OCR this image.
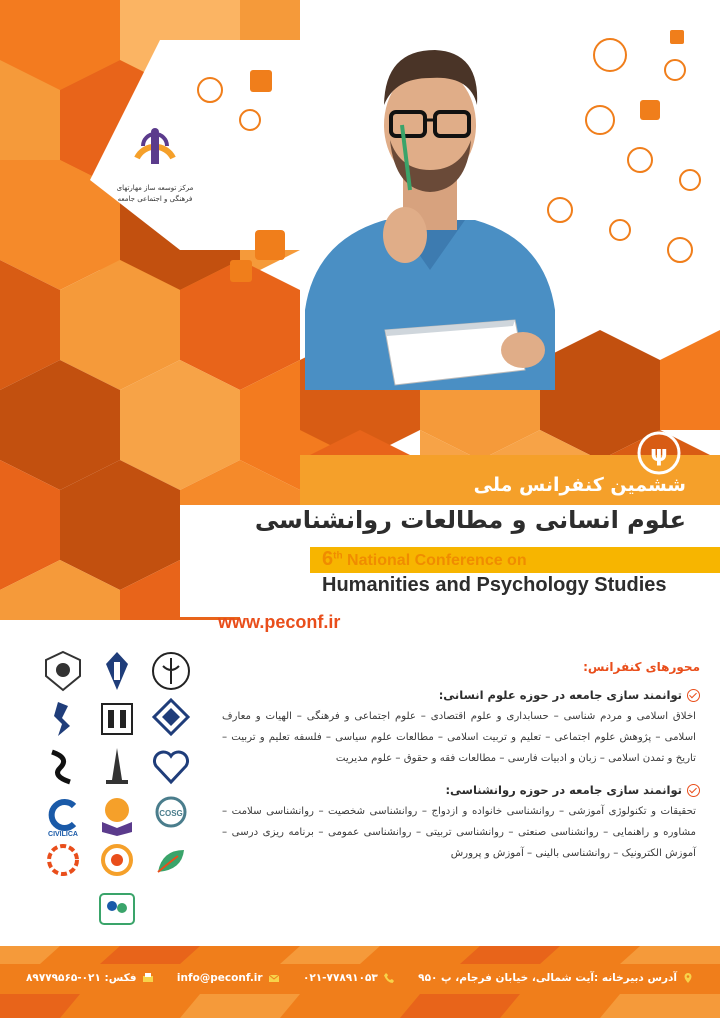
مرکز توسعه ساز مهارتهای
فرهنگی و اجتماعی جامعه
ψ
ششمین کنفرانس ملی
علوم انسانی و مطالعات روانشناسی
6th National Conference on
Humanities and Psychology Studies
www.peconf.ir
CIVILICA
COSG
محورهای کنفرانس:
توانمند سازی جامعه در حوزه علوم انسانی:
اخلاق اسلامی و مردم شناسی – حسابداری و علوم اقتصادی – علوم اجتماعی و فرهنگی – الهیات و معارف اسلامی – پژوهش علوم اجتماعی – تعلیم و تربیت اسلامی – مطالعات علوم سیاسی – فلسفه تعلیم و تربیت – تاریخ و تمدن اسلامی – زبان و ادبیات فارسی – مطالعات فقه و حقوق – علوم مدیریت
توانمند سازی جامعه در حوزه روانشناسی:
تحقیقات و تکنولوژی آموزشی – روانشناسی خانواده و ازدواج – روانشناسی شخصیت – روانشناسی سلامت – مشاوره و راهنمایی – روانشناسی صنعتی – روانشناسی تربیتی – روانشناسی عمومی – برنامه ریزی درسی – آموزش الکترونیک – روانشناسی بالینی – آموزش و پرورش
آدرس دبیرخانه :آیت شمالی، خیابان فرجام، پ ۹۵۰
۰۲۱-۷۷۸۹۱۰۵۳
info@peconf.ir
فکس: ۰۲۱-۸۹۷۷۹۵۶۵
